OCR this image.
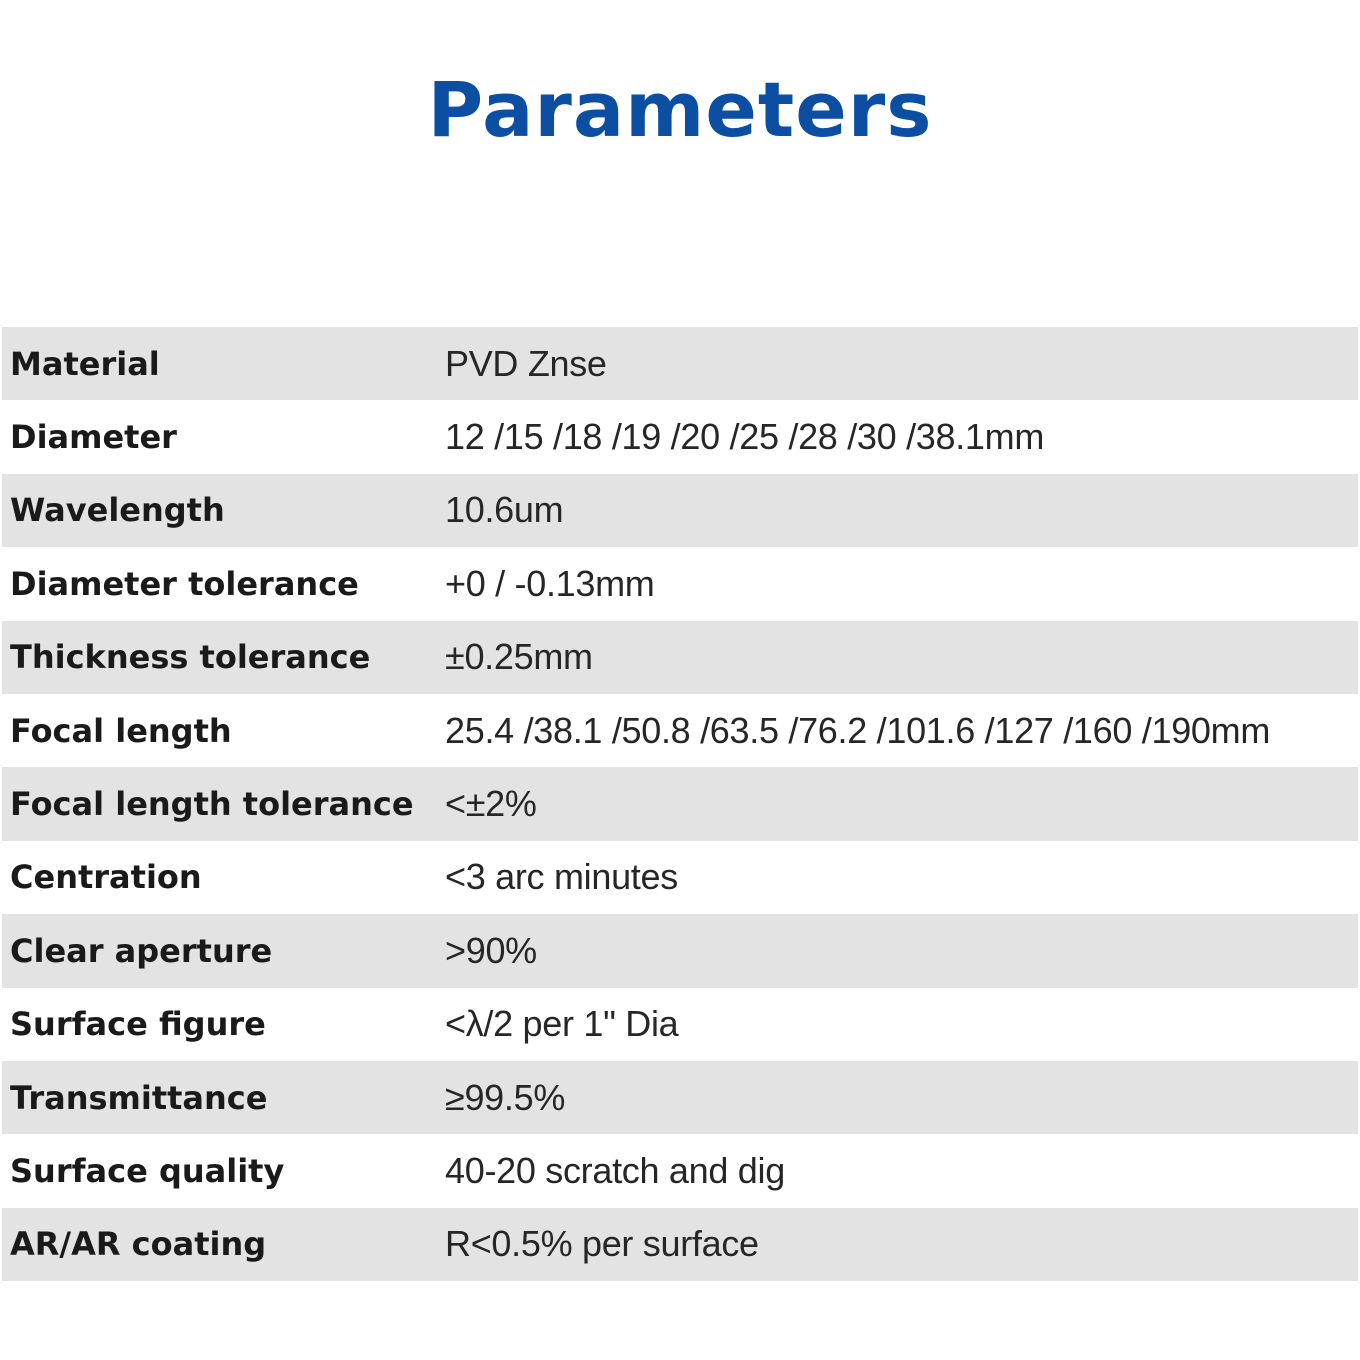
Parameters
Material	PVD Znse
Diameter	12 /15 /18 /19 /20 /25 /28 /30 /38.1mm
Wavelength	10.6um
Diameter tolerance	+0 / -0.13mm
Thickness tolerance	±0.25mm
Focal length	25.4 /38.1 /50.8 /63.5 /76.2 /101.6 /127 /160 /190mm
Focal length tolerance	<±2%
Centration	<3 arc minutes
Clear aperture	>90%
Surface figure	<λ/2 per 1" Dia
Transmittance	≥99.5%
Surface quality	40-20 scratch and dig
AR/AR coating	R<0.5% per surface
